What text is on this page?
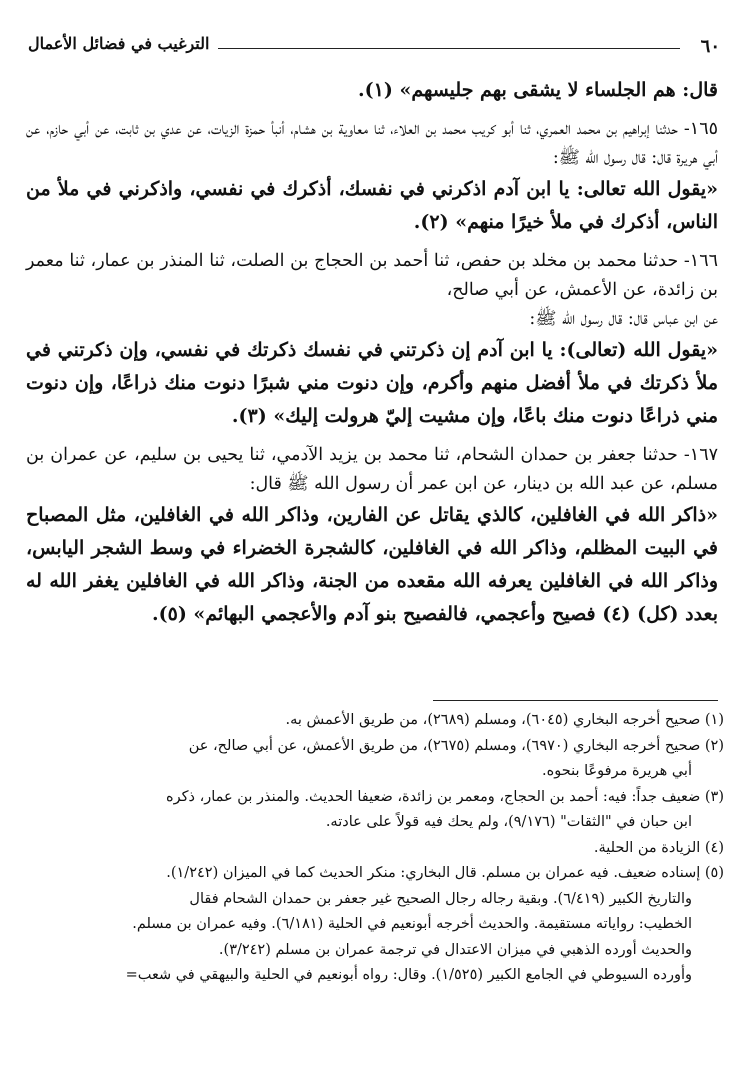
٦٠
الترغيب في فضائل الأعمال

قال: هم الجلساء لا يشقى بهم جليسهم» (١).

١٦٥- حدثنا إبراهيم بن محمد العمري، ثنا أبو كريب محمد بن العلاء، ثنا معاوية بن هشام، أنبأ حمزة الزيات، عن عدي بن ثابت، عن أبي حازم، عن أبي هريرة قال: قال رسول الله ﷺ:

«يقول الله تعالى: يا ابن آدم اذكرني في نفسك، أذكرك في نفسي، واذكرني في ملأ من الناس، أذكرك في ملأ خيرًا منهم» (٢).

١٦٦- حدثنا محمد بن مخلد بن حفص، ثنا أحمد بن الحجاج بن الصلت، ثنا المنذر بن عمار، ثنا معمر بن زائدة، عن الأعمش، عن أبي صالح،

عن ابن عباس قال: قال رسول الله ﷺ:

«يقول الله (تعالى): يا ابن آدم إن ذكرتني في نفسك ذكرتك في نفسي، وإن ذكرتني في ملأ ذكرتك في ملأ أفضل منهم وأكرم، وإن دنوت مني شبرًا دنوت منك ذراعًا، وإن دنوت مني ذراعًا دنوت منك باعًا، وإن مشيت إليّ هرولت إليك» (٣).

١٦٧- حدثنا جعفر بن حمدان الشحام، ثنا محمد بن يزيد الآدمي، ثنا يحيى بن سليم، عن عمران بن مسلم، عن عبد الله بن دينار، عن ابن عمر أن رسول الله ﷺ قال:

«ذاكر الله في الغافلين، كالذي يقاتل عن الفارين، وذاكر الله في الغافلين، مثل المصباح في البيت المظلم، وذاكر الله في الغافلين، كالشجرة الخضراء في وسط الشجر اليابس، وذاكر الله في الغافلين يعرفه الله مقعده من الجنة، وذاكر الله في الغافلين يغفر الله له بعدد (كل) (٤) فصيح وأعجمي، فالفصيح بنو آدم والأعجمي البهائم» (٥).

(١) صحيح أخرجه البخاري (٦٠٤٥)، ومسلم (٢٦٨٩)، من طريق الأعمش به.

(٢) صحيح أخرجه البخاري (٦٩٧٠)، ومسلم (٢٦٧٥)، من طريق الأعمش، عن أبي صالح، عن

أبي هريرة مرفوعًا بنحوه.

(٣) ضعيف جداً: فيه: أحمد بن الحجاج، ومعمر بن زائدة، ضعيفا الحديث. والمنذر بن عمار، ذكره

ابن حبان في "الثقات" (٩/١٧٦)، ولم يحك فيه قولاً على عادته.

(٤) الزيادة من الحلية.

(٥) إسناده ضعيف. فيه عمران بن مسلم. قال البخاري: منكر الحديث كما في الميزان (١/٢٤٢).

والتاريخ الكبير (٦/٤١٩). وبقية رجاله رجال الصحيح غير جعفر بن حمدان الشحام فقال

الخطيب: رواياته مستقيمة. والحديث أخرجه أبونعيم في الحلية (٦/١٨١). وفيه عمران بن مسلم.

والحديث أورده الذهبي في ميزان الاعتدال في ترجمة عمران بن مسلم (٣/٢٤٢).

وأورده السيوطي في الجامع الكبير (١/٥٢٥). وقال: رواه أبونعيم في الحلية والبيهقي في شعب=
